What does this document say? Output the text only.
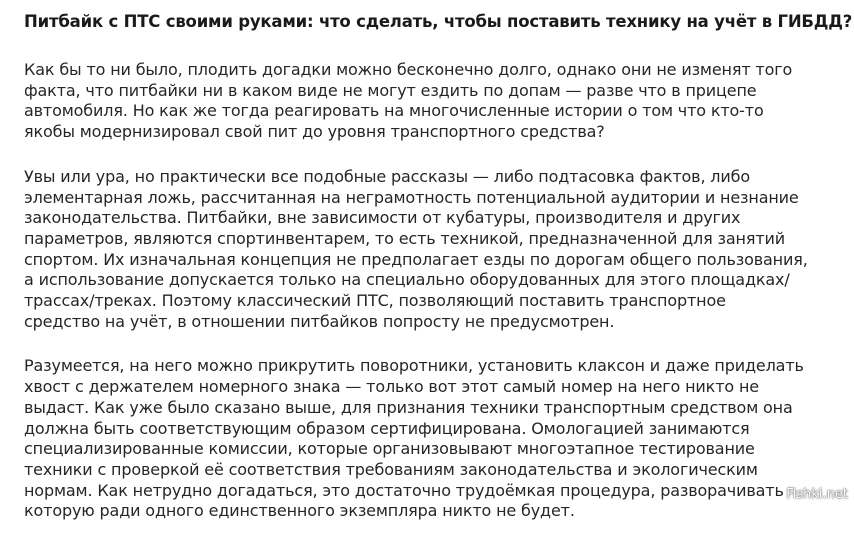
Питбайк с ПТС своими руками: что сделать, чтобы поставить технику на учёт в ГИБДД?

Как бы то ни было, плодить догадки можно бесконечно долго, однако они не изменят того
факта, что питбайки ни в каком виде не могут ездить по допам — разве что в прицепе
автомобиля. Но как же тогда реагировать на многочисленные истории о том что кто-то
якобы модернизировал свой пит до уровня транспортного средства?

Увы или ура, но практически все подобные рассказы — либо подтасовка фактов, либо
элементарная ложь, рассчитанная на неграмотность потенциальной аудитории и незнание
законодательства. Питбайки, вне зависимости от кубатуры, производителя и других
параметров, являются спортинвентарем, то есть техникой, предназначенной для занятий
спортом. Их изначальная концепция не предполагает езды по дорогам общего пользования,
а использование допускается только на специально оборудованных для этого площадках/
трассах/треках. Поэтому классический ПТС, позволяющий поставить транспортное
средство на учёт, в отношении питбайков попросту не предусмотрен.

Разумеется, на него можно прикрутить поворотники, установить клаксон и даже приделать
хвост с держателем номерного знака — только вот этот самый номер на него никто не
выдаст. Как уже было сказано выше, для признания техники транспортным средством она
должна быть соответствующим образом сертифицирована. Омологацией занимаются
специализированные комиссии, которые организовывают многоэтапное тестирование
техники с проверкой её соответствия требованиям законодательства и экологическим
нормам. Как нетрудно догадаться, это достаточно трудоёмкая процедура, разворачивать
которую ради одного единственного экземпляра никто не будет.

Fishki.net
